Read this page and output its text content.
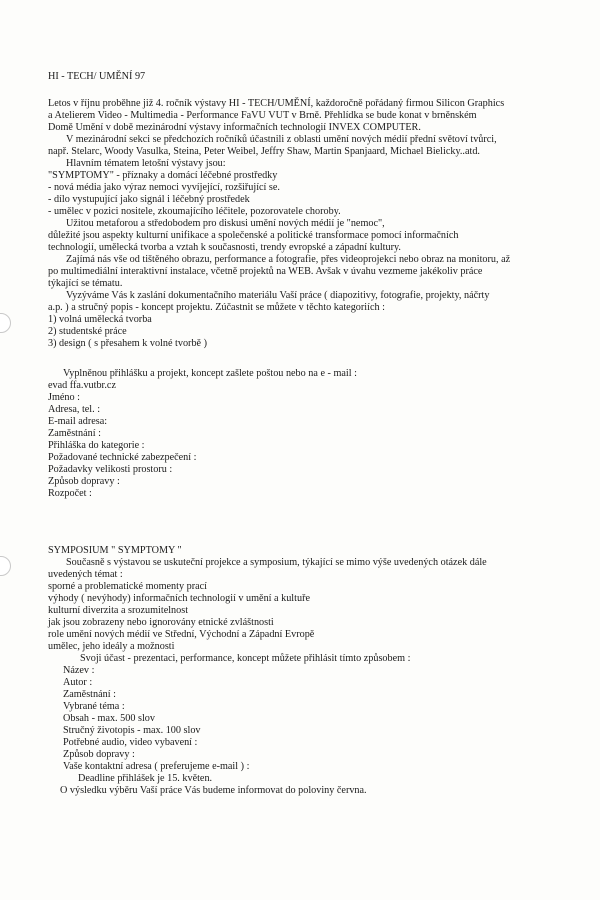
HI - TECH/ UMĚNÍ 97
Letos v říjnu proběhne již 4. ročník výstavy HI - TECH/UMĚNÍ, každoročně pořádaný firmou Silicon Graphics
a Atelierem Video - Multimedia - Performance FaVU VUT v Brně. Přehlídka se bude konat v brněnském
Domě Umění v době mezinárodní výstavy informačních technologií INVEX COMPUTER.
V mezinárodní sekci se předchozích ročníků účastnili z oblasti umění nových médií přední světoví tvůrci,
např. Stelarc, Woody Vasulka, Steina, Peter Weibel, Jeffry Shaw, Martin Spanjaard, Michael Bielicky..atd.
Hlavním tématem letošní výstavy jsou:
"SYMPTOMY" - příznaky a domácí léčebné prostředky
- nová média jako výraz nemoci vyvíjející, rozšiřující se.
- dílo vystupující jako signál i léčebný prostředek
- umělec v pozici nositele, zkoumajícího léčitele, pozorovatele choroby.
Užitou metaforou a středobodem pro diskusi umění nových médií je "nemoc",
důležité jsou aspekty kulturní unifikace a společenské a politické transformace pomocí informačních
technologií, umělecká tvorba a vztah k současnosti, trendy evropské a západní kultury.
Zajímá nás vše od tištěného obrazu, performance a fotografie, přes videoprojekci nebo obraz na monitoru, až
po multimediální interaktivní instalace, včetně projektů na WEB. Avšak v úvahu vezmeme jakékoliv práce
týkající se tématu.
Vyzýváme Vás k zaslání dokumentačního materiálu Vaší práce ( diapozitivy, fotografie, projekty, náčrty
a.p. ) a stručný popis - koncept projektu. Zúčastnit se můžete v těchto kategoriích :
1) volná umělecká tvorba
2) studentské práce
3) design ( s přesahem k volné tvorbě )
Vyplněnou přihlášku a projekt, koncept zašlete poštou nebo na e - mail :
evad ffa.vutbr.cz
Jméno :
Adresa, tel. :
E-mail adresa:
Zaměstnání :
Přihláška do kategorie :
Požadované technické zabezpečení :
Požadavky velikosti prostoru :
Způsob dopravy :
Rozpočet :
SYMPOSIUM " SYMPTOMY "
Současně s výstavou se uskuteční projekce a symposium, týkající se mimo výše uvedených otázek dále
uvedených témat :
sporné a problematické momenty prací
výhody ( nevýhody) informačních technologií v umění a kultuře
kulturní diverzita a srozumitelnost
jak jsou zobrazeny nebo ignorovány etnické zvláštnosti
role umění nových médií ve Střední, Východní a Západní Evropě
umělec, jeho ideály a možnosti
Svoji účast - prezentaci, performance, koncept můžete přihlásit tímto způsobem :
Název :
Autor :
Zaměstnání :
Vybrané téma :
Obsah - max. 500 slov
Stručný životopis - max. 100 slov
Potřebné audio, video vybavení :
Způsob dopravy :
Vaše kontaktní adresa ( preferujeme e-mail ) :
Deadline přihlášek je 15. květen.
O výsledku výběru Vaší práce Vás budeme informovat do poloviny června.
